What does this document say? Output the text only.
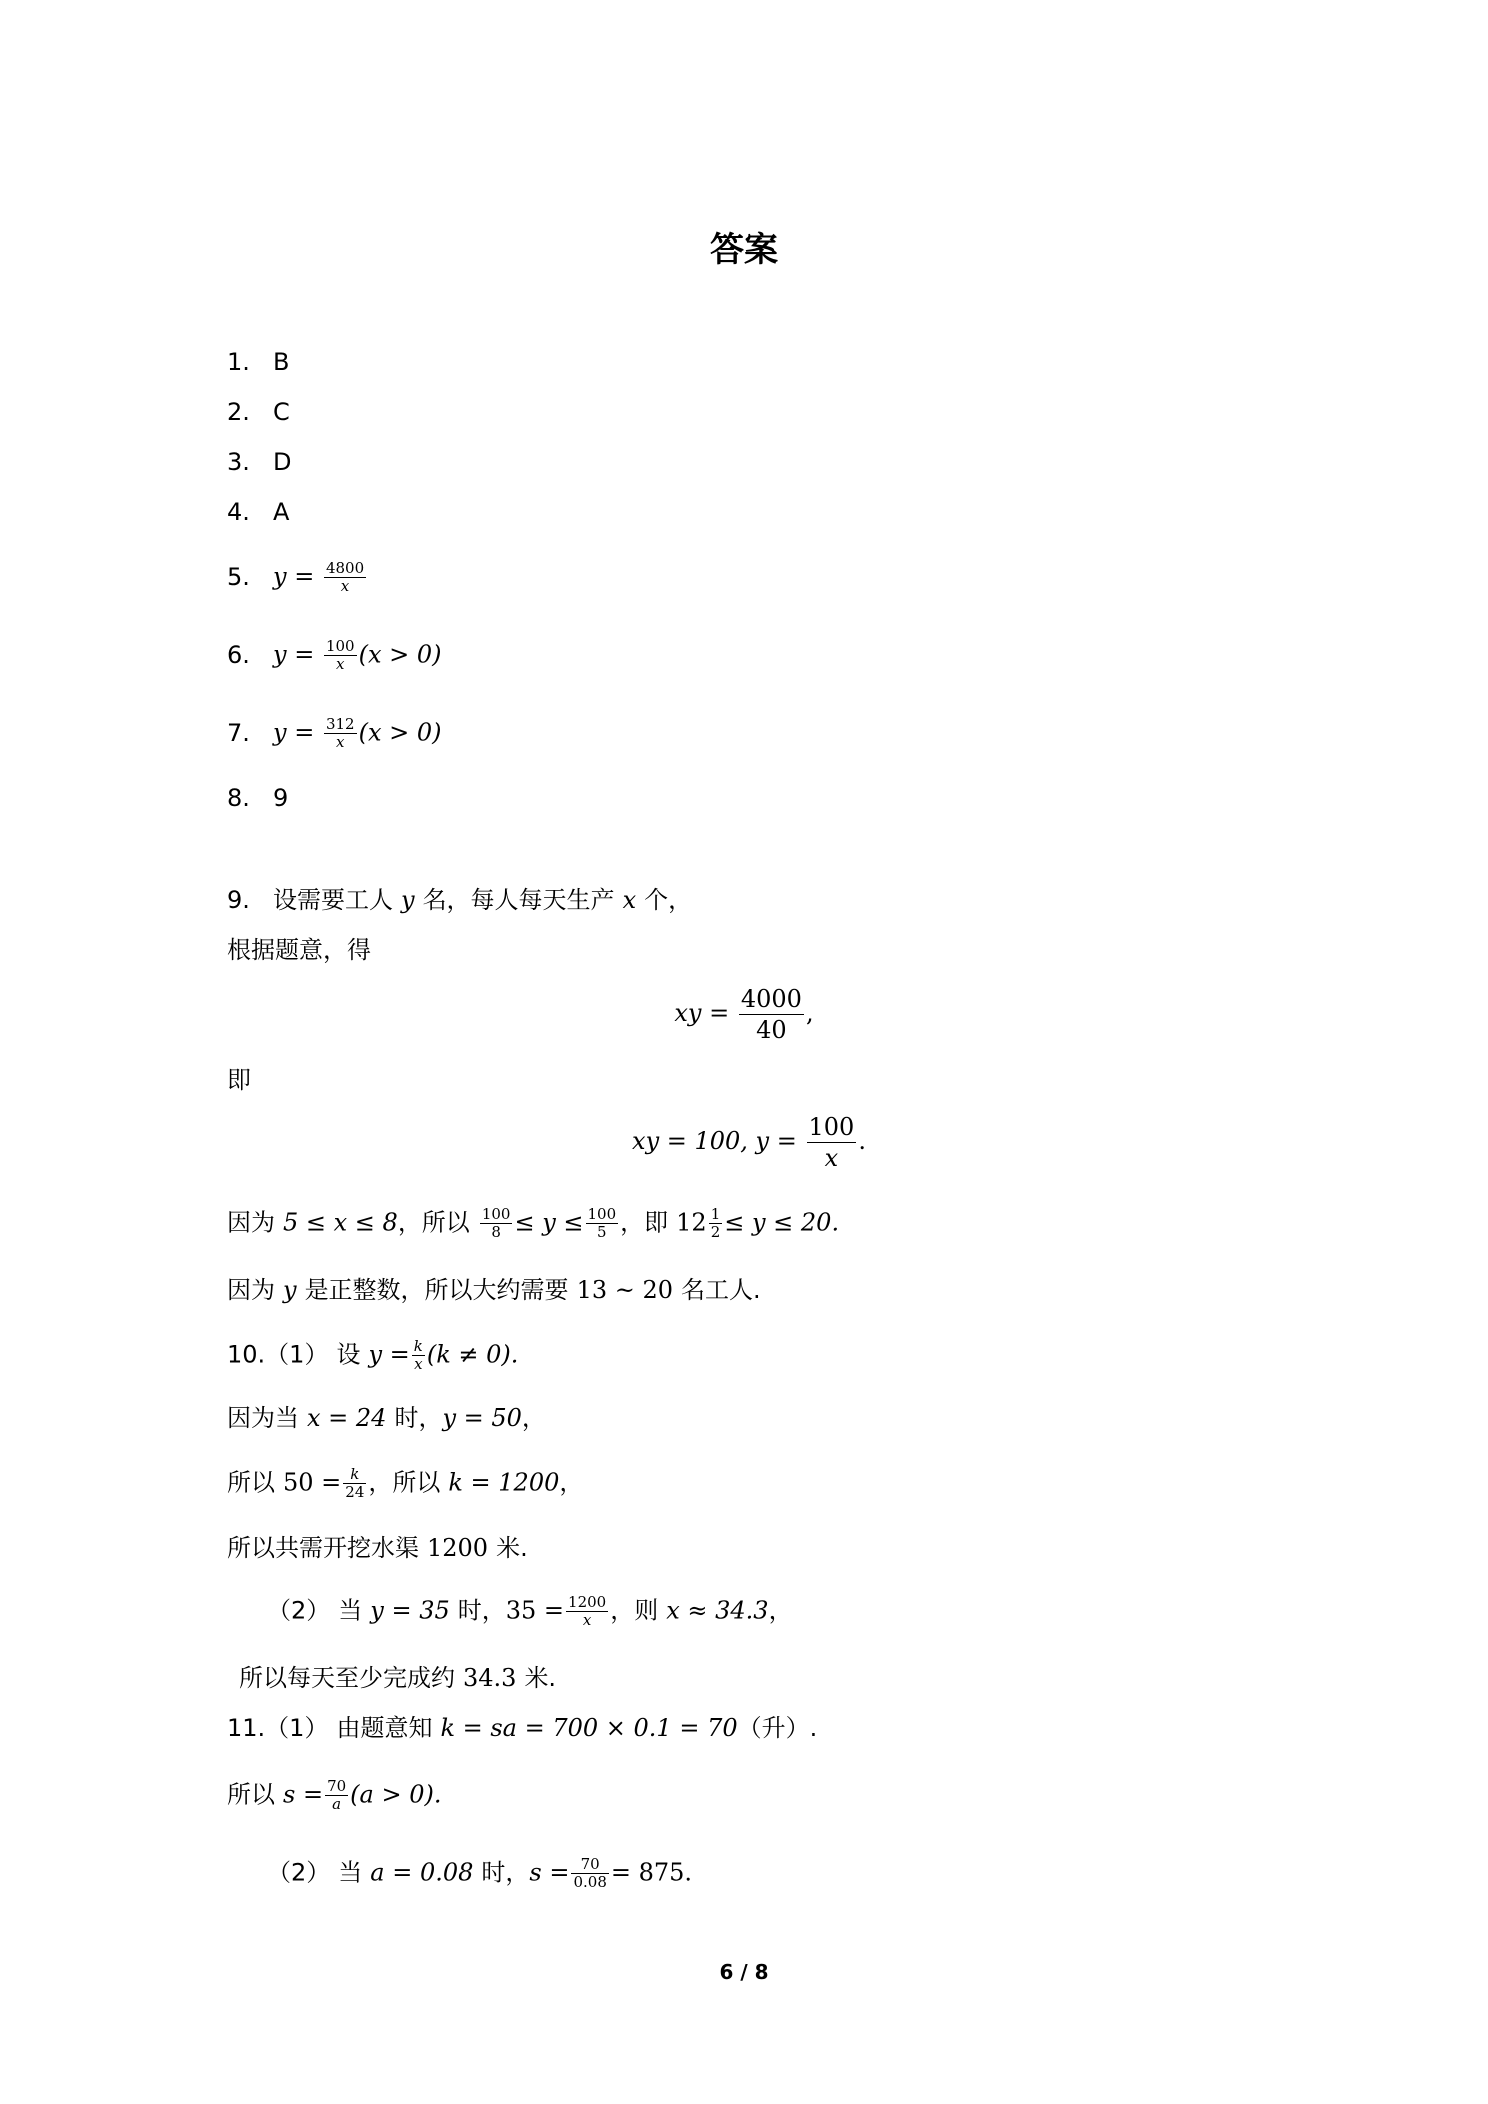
答案
1. B
2. C
3. D
4. A
5. $y = \frac{4800}{x}$
6. $y = \frac{100}{x} (x > 0)$
7. $y = \frac{312}{x} (x > 0)$
8. 9
9. 设需要工人 y 名，每人每天生产 x 个，
根据题意，得
xy = $\frac{4000}{40}$ ,
即
xy = 100, $y = \frac{100}{x}$ .
因为 5 ≤ x ≤ 8，所以 $\frac{100}{8} \le y \le \frac{100}{5}$ ，即 $12 \frac{1}{2} \le y \le 20$.
因为 y 是正整数，所以大约需要 13 ~ 20 名工人.
10.（1） 设 $y = \frac{k}{x} (k \ne 0)$.
因为当 x = 24 时，y = 50，
所以 $50 = \frac{k}{24}$ ，所以 k = 1200，
所以共需开挖水渠 1200 米.
（2） 当 y = 35 时，$35 = \frac{1200}{x}$ ，则 x ≈ 34.3，
所以每天至少完成约 34.3 米.
11.（1） 由题意知 k = sa = 700 × 0.1 = 70（升）.
所以 $s = \frac{70}{a} (a > 0)$.
（2） 当 a = 0.08 时，$s = \frac{70}{0.08} = 875$.
6 / 8
